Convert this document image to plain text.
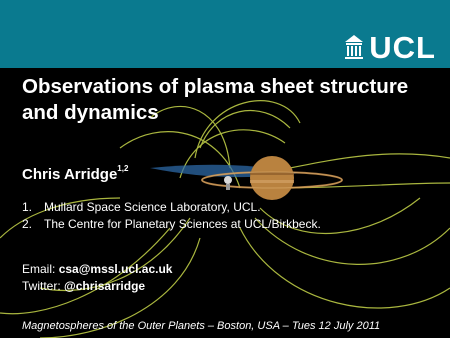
UCL
Observations of plasma sheet structure and dynamics
Chris Arridge$^{1,2}$
1. Mullard Space Science Laboratory, UCL.
2. The Centre for Planetary Sciences at UCL/Birkbeck.
Email: csa@mssl.ucl.ac.uk
Twitter: @chrisarridge
Magnetospheres of the Outer Planets – Boston, USA – Tues 12 July 2011
